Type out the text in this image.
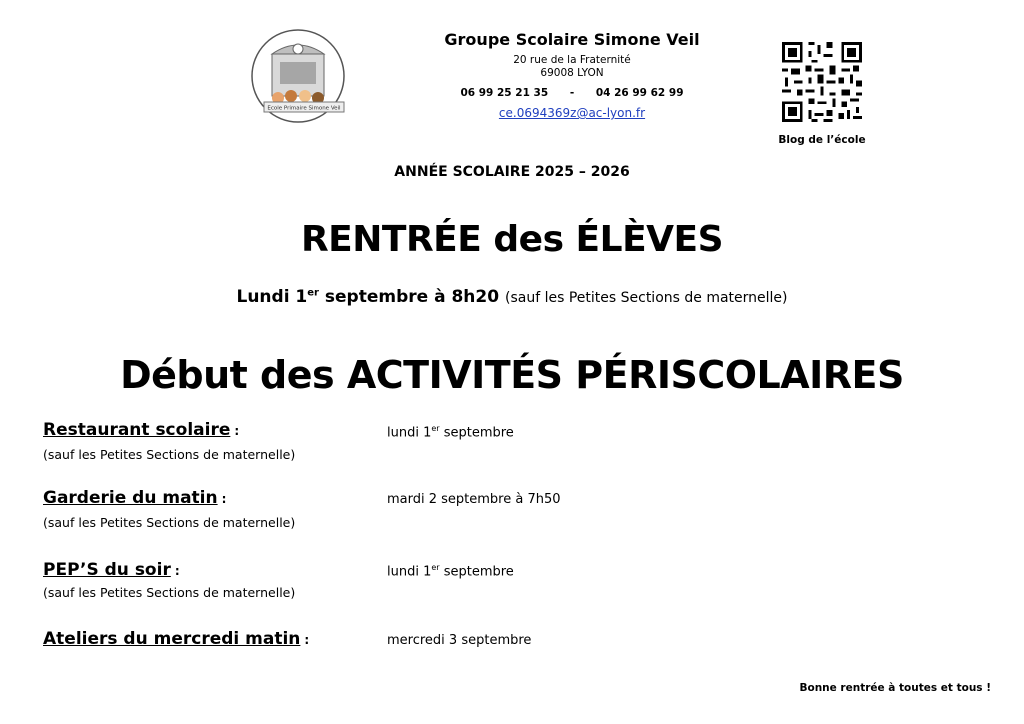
Ecole Primaire Simone Veil
Groupe Scolaire Simone Veil
20 rue de la Fraternité
69008 LYON
06 99 25 21 35 - 04 26 99 62 99
ce.0694369z@ac-lyon.fr
Blog de l’école
ANNÉE SCOLAIRE 2025 – 2026
RENTRÉE des ÉLÈVES
Lundi 1er septembre à 8h20 (sauf les Petites Sections de maternelle)
Début des ACTIVITÉS PÉRISCOLAIRES
Restaurant scolaire :
(sauf les Petites Sections de maternelle)
lundi 1er septembre
Garderie du matin :
(sauf les Petites Sections de maternelle)
mardi 2 septembre à 7h50
PEP’S du soir :
(sauf les Petites Sections de maternelle)
lundi 1er septembre
Ateliers du mercredi matin :	mercredi 3 septembre
Bonne rentrée à toutes et tous !
